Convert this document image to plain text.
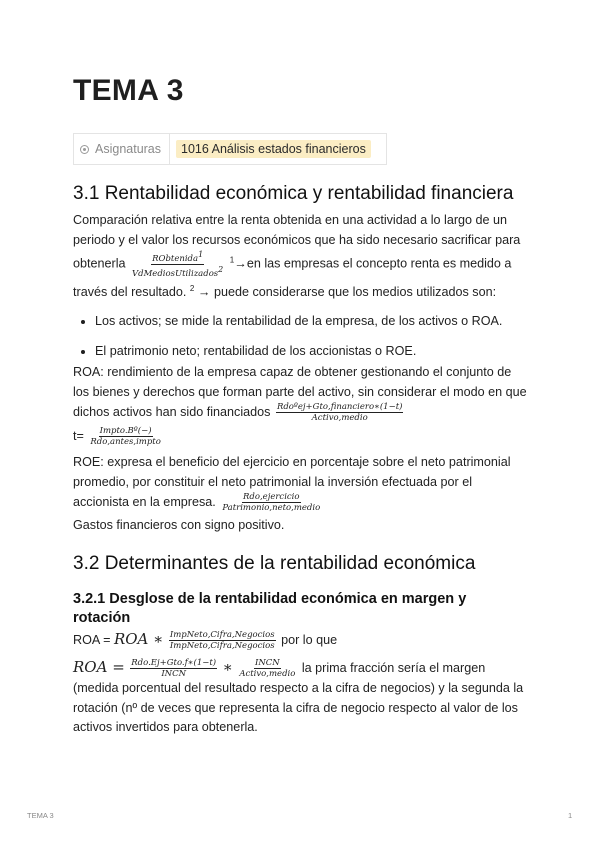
TEMA 3
Asignaturas	1016 Análisis estados financieros
3.1 Rentabilidad económica y rentabilidad financiera

Comparación relativa entre la renta obtenida en una actividad a lo largo de un periodo y el valor los recursos económicos que ha sido necesario sacrificar para obtenerla $\frac{RObtenida^1}{VdMediosUtilizados^2} ^1\to en$ las empresas el concepto renta es medido a través del resultado. $^2$ → puede considerarse que los medios utilizados son:

• Los activos; se mide la rentabilidad de la empresa, de los activos o ROA.
• El patrimonio neto; rentabilidad de los accionistas o ROE.

ROA: rendimiento de la empresa capaz de obtener gestionando el conjunto de los bienes y derechos que forman parte del activo, sin considerar el modo en que dichos activos han sido financiados $\frac{\text{Rdoºej+Gto,financiero∗(1−t)}}{\text{Activo,medio}}$

$t= \frac{\text{Impto.Bº(−)}}{\text{Rdo,antes,impto}}$

ROE: expresa el beneficio del ejercicio en porcentaje sobre el neto patrimonial promedio, por constituir el neto patrimonial la inversión efectuada por el accionista en la empresa. $\frac{\text{Rdo,ejercicio}}{\text{Patrimonio,neto,medio}}$

Gastos financieros con signo positivo.

3.2 Determinantes de la rentabilidad económica
3.2.1 Desglose de la rentabilidad económica en margen y rotación

ROA = ROA ∗ $\frac{\text{ImpNeto,Cifra,Negocios}}{\text{ImpNeto,Cifra,Negocios}}$ por lo que

ROA = $\frac{\text{Rdo.Ej+Gto.f∗(1−t)}}{\text{INCN}}$ ∗ $\frac{\text{INCN}}{\text{Activo,medio}}$ la prima fracción sería el margen (medida porcentual del resultado respecto a la cifra de negocios) y la segunda la rotación (nº de veces que representa la cifra de negocio respecto al valor de los activos invertidos para obtenerla.

TEMA 3	1
